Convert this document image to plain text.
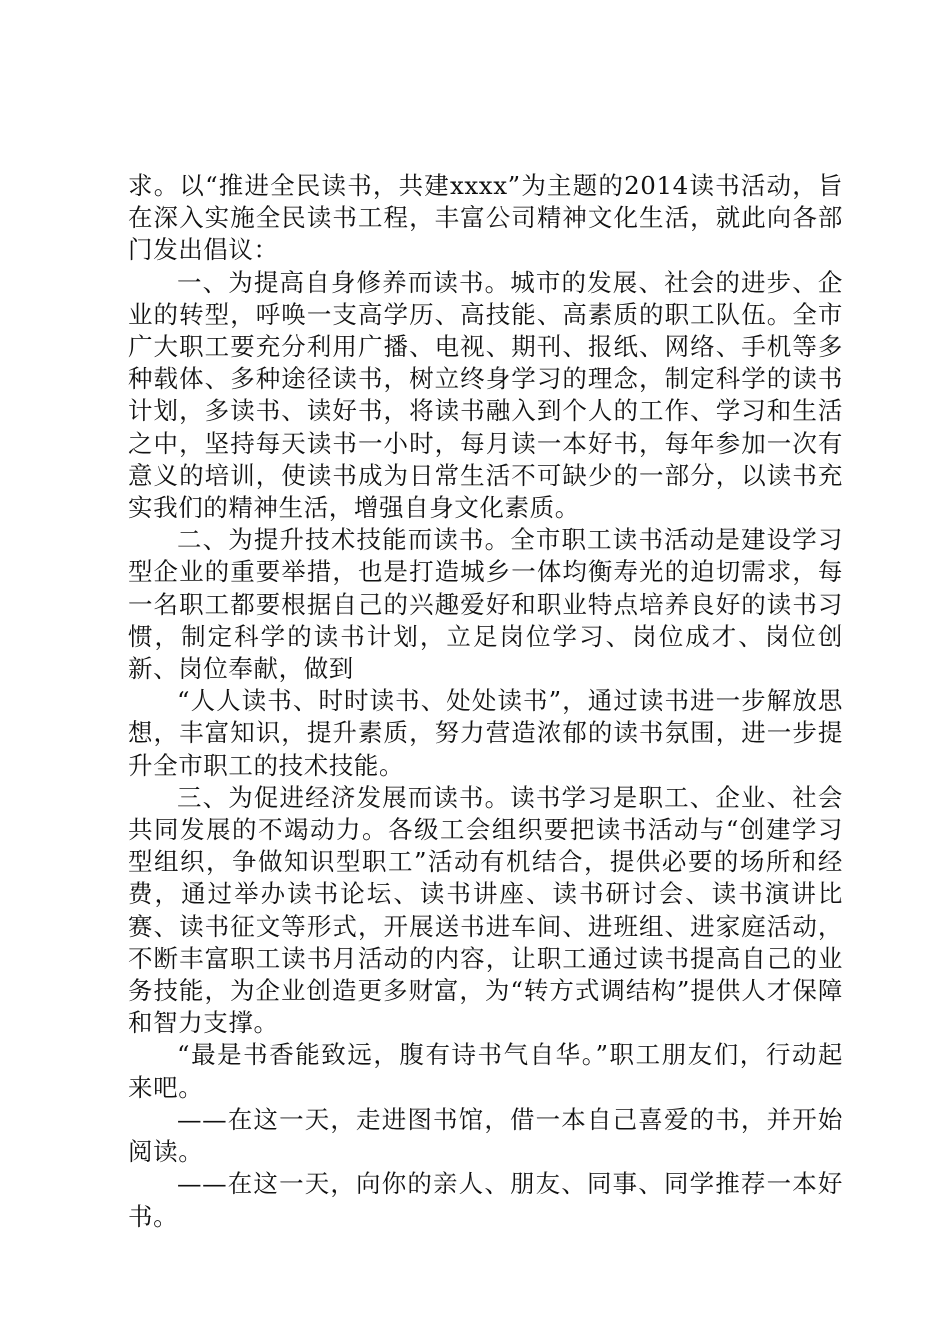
求。以“推进全民读书，共建xxxx”为主题的2014读书活动，旨在深入实施全民读书工程，丰富公司精神文化生活，就此向各部门发出倡议：

一、为提高自身修养而读书。城市的发展、社会的进步、企业的转型，呼唤一支高学历、高技能、高素质的职工队伍。全市广大职工要充分利用广播、电视、期刊、报纸、网络、手机等多种载体、多种途径读书，树立终身学习的理念，制定科学的读书计划，多读书、读好书，将读书融入到个人的工作、学习和生活之中，坚持每天读书一小时，每月读一本好书，每年参加一次有意义的培训，使读书成为日常生活不可缺少的一部分，以读书充实我们的精神生活，增强自身文化素质。

二、为提升技术技能而读书。全市职工读书活动是建设学习型企业的重要举措，也是打造城乡一体均衡寿光的迫切需求，每一名职工都要根据自己的兴趣爱好和职业特点培养良好的读书习惯，制定科学的读书计划，立足岗位学习、岗位成才、岗位创新、岗位奉献，做到

“人人读书、时时读书、处处读书”，通过读书进一步解放思想，丰富知识，提升素质，努力营造浓郁的读书氛围，进一步提升全市职工的技术技能。

三、为促进经济发展而读书。读书学习是职工、企业、社会共同发展的不竭动力。各级工会组织要把读书活动与“创建学习型组织，争做知识型职工”活动有机结合，提供必要的场所和经费，通过举办读书论坛、读书讲座、读书研讨会、读书演讲比赛、读书征文等形式，开展送书进车间、进班组、进家庭活动，不断丰富职工读书月活动的内容，让职工通过读书提高自己的业务技能，为企业创造更多财富，为“转方式调结构”提供人才保障和智力支撑。

“最是书香能致远，腹有诗书气自华。”职工朋友们，行动起来吧。

——在这一天，走进图书馆，借一本自己喜爱的书，并开始阅读。

——在这一天，向你的亲人、朋友、同事、同学推荐一本好书。
